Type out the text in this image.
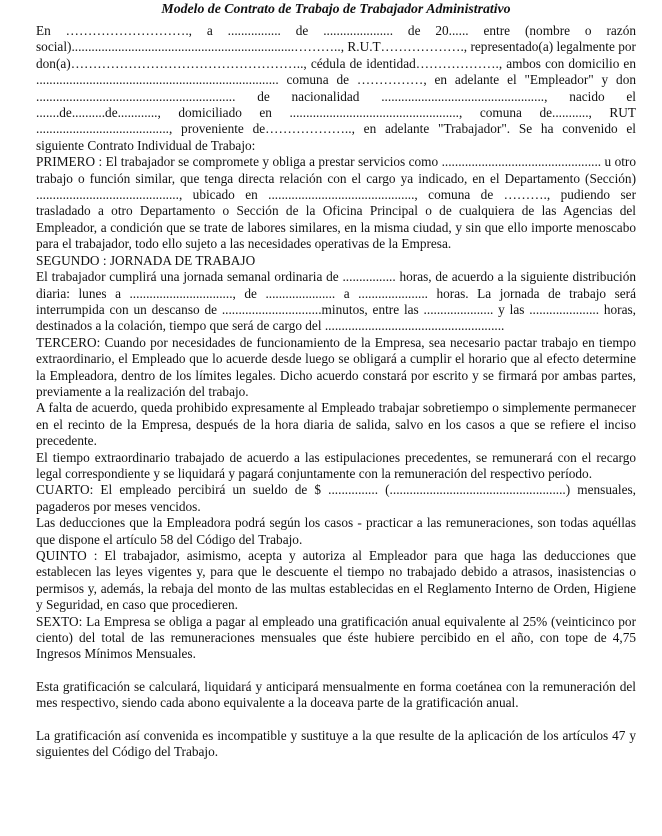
Modelo de Contrato de Trabajo de Trabajador Administrativo

En ………………………., a ................ de ..................... de 20...... entre (nombre o razón social)...................................................................……….., R.U.T………………., representado(a) legalmente por don(a)…………………………………………….., cédula de identidad………………., ambos con domicilio en ......................................................................... comuna de ……………, en adelante el "Empleador" y don ............................................................ de nacionalidad ................................................., nacido el .......de..........de............, domiciliado en ..................................................., comuna de..........., RUT ........................................, proveniente de……………….., en adelante "Trabajador". Se ha convenido el siguiente Contrato Individual de Trabajo:

PRIMERO : El trabajador se compromete y obliga a prestar servicios como ................................................ u otro trabajo o función similar, que tenga directa relación con el cargo ya indicado, en el Departamento (Sección) ..........................................., ubicado en ............................................, comuna de ………., pudiendo ser trasladado a otro Departamento o Sección de la Oficina Principal o de cualquiera de las Agencias del Empleador, a condición que se trate de labores similares, en la misma ciudad, y sin que ello importe menoscabo para el trabajador, todo ello sujeto a las necesidades operativas de la Empresa.

SEGUNDO : JORNADA DE TRABAJO

El trabajador cumplirá una jornada semanal ordinaria de ................ horas, de acuerdo a la siguiente distribución diaria: lunes a ..............................., de ..................... a ..................... horas. La jornada de trabajo será interrumpida con un descanso de ..............................minutos, entre las ..................... y las ..................... horas, destinados a la colación, tiempo que será de cargo del ......................................................

TERCERO: Cuando por necesidades de funcionamiento de la Empresa, sea necesario pactar trabajo en tiempo extraordinario, el Empleado que lo acuerde desde luego se obligará a cumplir el horario que al efecto determine la Empleadora, dentro de los límites legales. Dicho acuerdo constará por escrito y se firmará por ambas partes, previamente a la realización del trabajo.

A falta de acuerdo, queda prohibido expresamente al Empleado trabajar sobretiempo o simplemente permanecer en el recinto de la Empresa, después de la hora diaria de salida, salvo en los casos a que se refiere el inciso precedente.

El tiempo extraordinario trabajado de acuerdo a las estipulaciones precedentes, se remunerará con el recargo legal correspondiente y se liquidará y pagará conjuntamente con la remuneración del respectivo período.

CUARTO: El empleado percibirá un sueldo de $ ............... (.....................................................) mensuales, pagaderos por meses vencidos.

Las deducciones que la Empleadora podrá según los casos - practicar a las remuneraciones, son todas aquéllas que dispone el artículo 58 del Código del Trabajo.

QUINTO : El trabajador, asimismo, acepta y autoriza al Empleador para que haga las deducciones que establecen las leyes vigentes y, para que le descuente el tiempo no trabajado debido a atrasos, inasistencias o permisos y, además, la rebaja del monto de las multas establecidas en el Reglamento Interno de Orden, Higiene y Seguridad, en caso que procedieren.

SEXTO: La Empresa se obliga a pagar al empleado una gratificación anual equivalente al 25% (veinticinco por ciento) del total de las remuneraciones mensuales que éste hubiere percibido en el año, con tope de 4,75 Ingresos Mínimos Mensuales.

Esta gratificación se calculará, liquidará y anticipará mensualmente en forma coetánea con la remuneración del mes respectivo, siendo cada abono equivalente a la doceava parte de la gratificación anual.

La gratificación así convenida es incompatible y sustituye a la que resulte de la aplicación de los artículos 47 y siguientes del Código del Trabajo.
